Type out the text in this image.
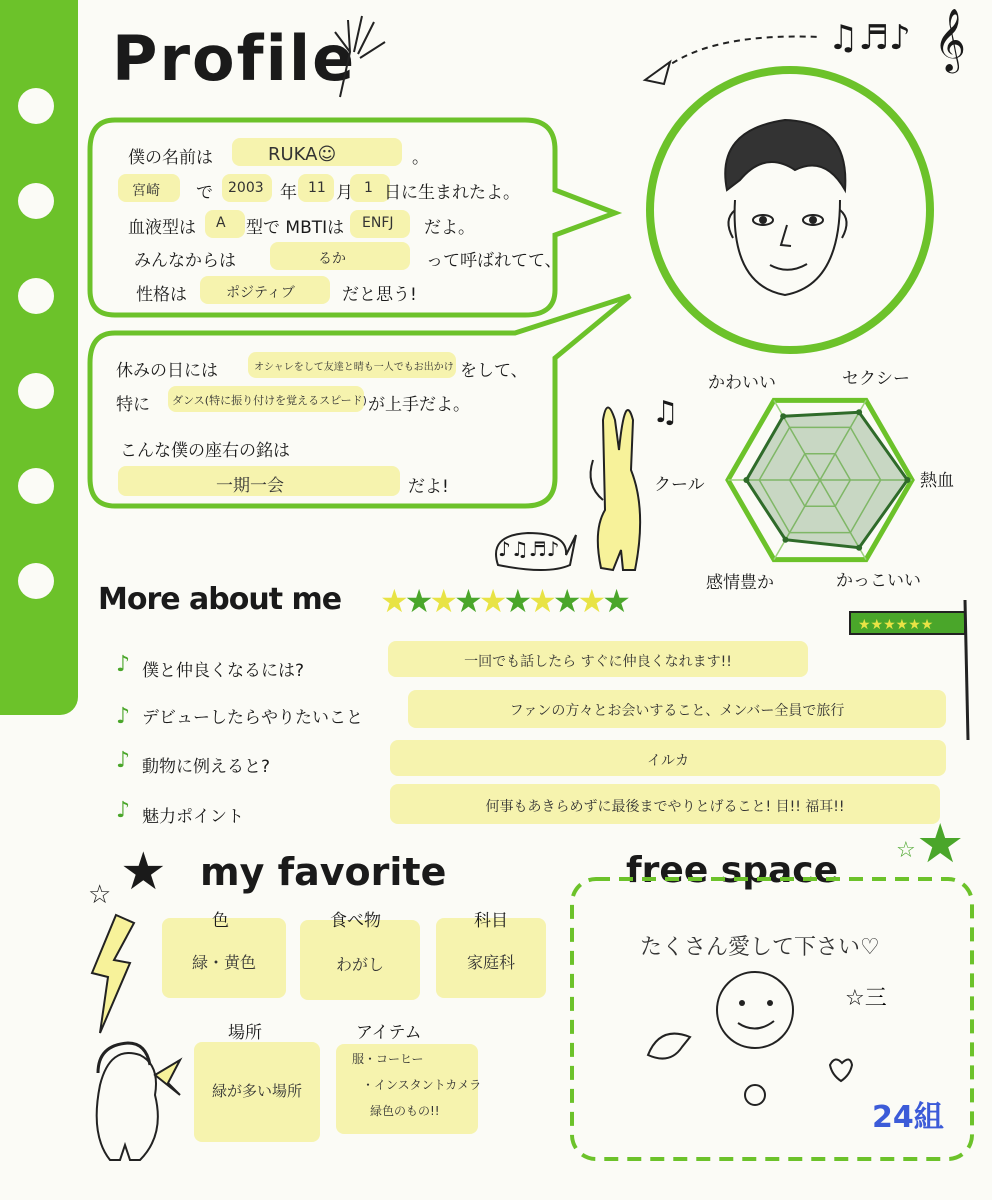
Profile
僕の名前は	RUKA☺	。
宮崎 で 2003 年 11 月 1 日に生まれたよ。
血液型は A 型で MBTIは ENFJ だよ。
みんなからは	るか	って呼ばれてて、
性格は	ポジティブ	だと思う!
休みの日には	オシャレをして友達と晴も一人でもお出かけ をして、
特に ダンス(特に振り付けを覚えるスピード) が上手だよ。
こんな僕の座右の銘は
一期一会	だよ!
♫♬♪ 𝄞
かわいい	セクシー
熱血
かっこいい
感情豊か
クール
♫
♪♫♬♪
More about me ★★★★★★★★★★
★★★★★★
♪
♪
♪
♪
僕と仲良くなるには?	一回でも話したら すぐに仲良くなれます!!
デビューしたらやりたいこと	ファンの方々とお会いすること、メンバー全員で旅行
動物に例えると?	イルカ
魅力ポイント	何事もあきらめずに最後までやりとげること! 目!! 福耳!!
★
☆
my favorite
色
緑・黄色
食べ物
わがし
科目
家庭科
場所
緑が多い場所
アイテム
服・コーヒー
・インスタントカメラ
緑色のもの!!
free space ★
☆
たくさん愛して下さい♡
☆三
24組
